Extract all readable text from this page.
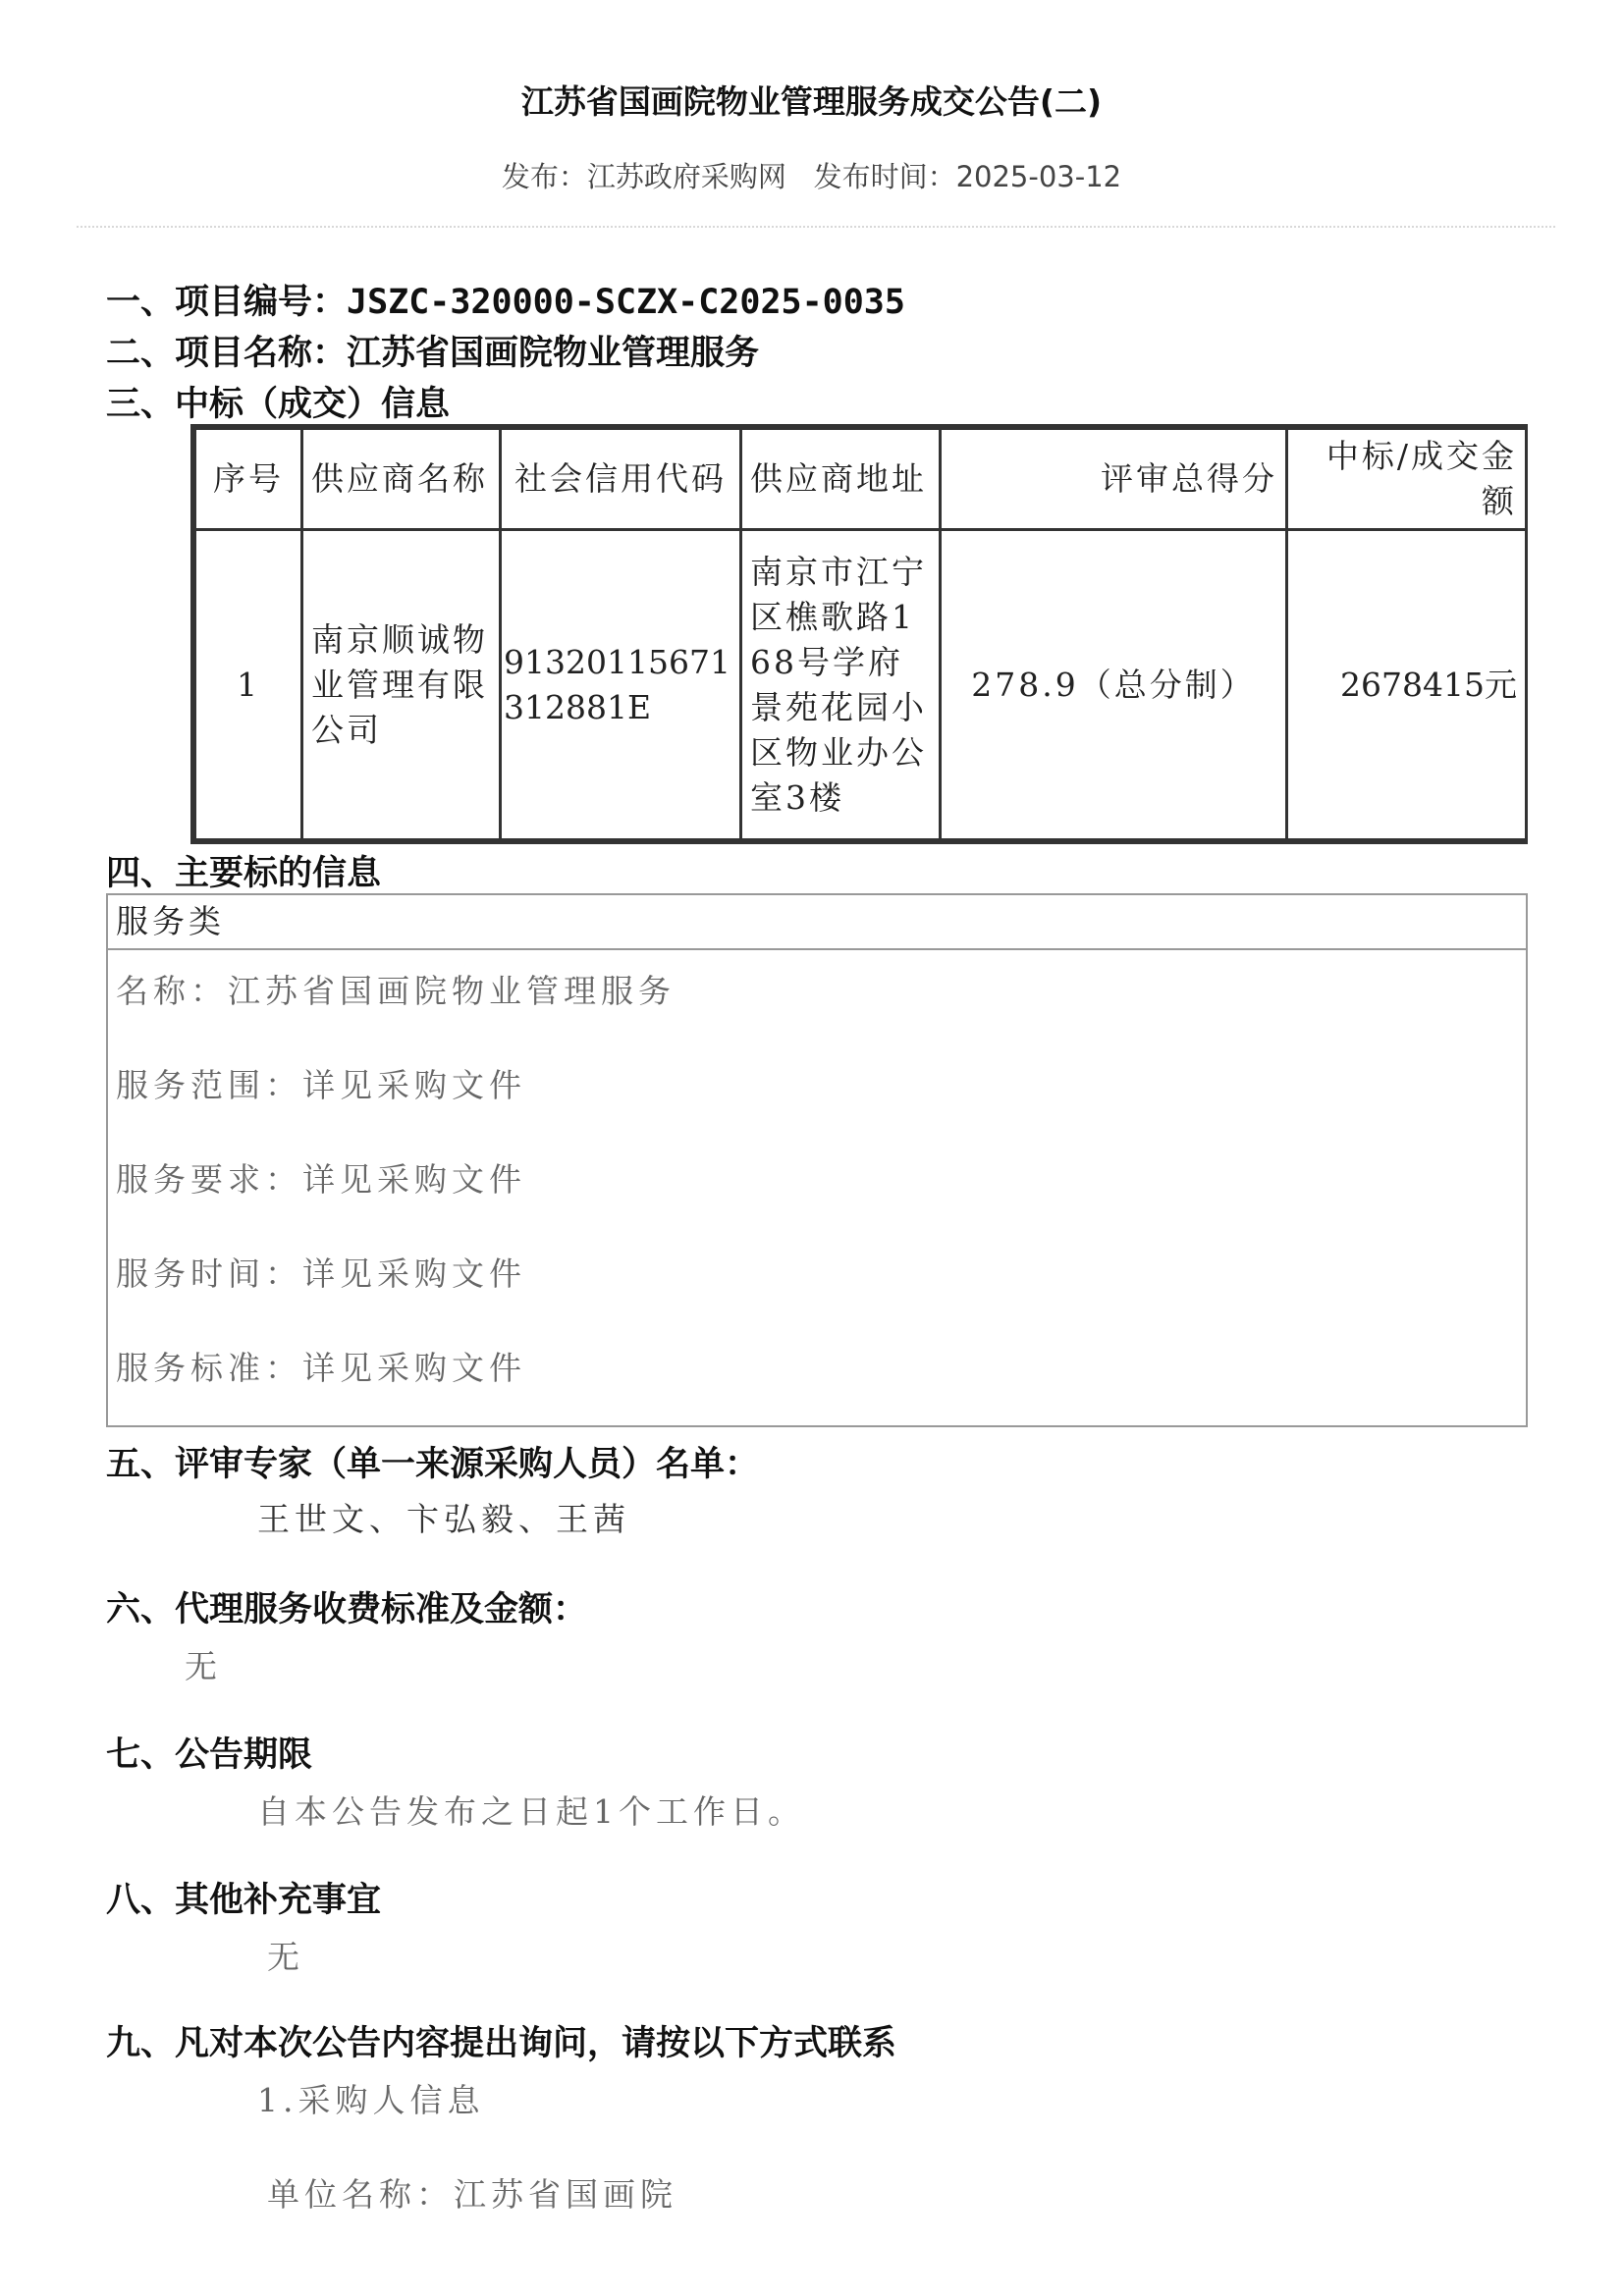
江苏省国画院物业管理服务成交公告(二)
发布：江苏政府采购网 发布时间：2025-03-12
一、项目编号：JSZC-320000-SCZX-C2025-0035
二、项目名称：江苏省国画院物业管理服务
三、中标（成交）信息
序号	供应商名称	社会信用代码	供应商地址	评审总得分	中标/成交金额
1	南京顺诚物业管理有限公司	91320115671312881E	南京市江宁区樵歌路168号学府景苑花园小区物业办公室3楼	278.9（总分制）	2678415元
四、主要标的信息
服务类
名称：江苏省国画院物业管理服务
服务范围：详见采购文件
服务要求：详见采购文件
服务时间：详见采购文件
服务标准：详见采购文件
五、评审专家（单一来源采购人员）名单：
王世文、卞弘毅、王茜
六、代理服务收费标准及金额：
无
七、公告期限
自本公告发布之日起1个工作日。
八、其他补充事宜
无
九、凡对本次公告内容提出询问，请按以下方式联系
1.采购人信息
单位名称：江苏省国画院
